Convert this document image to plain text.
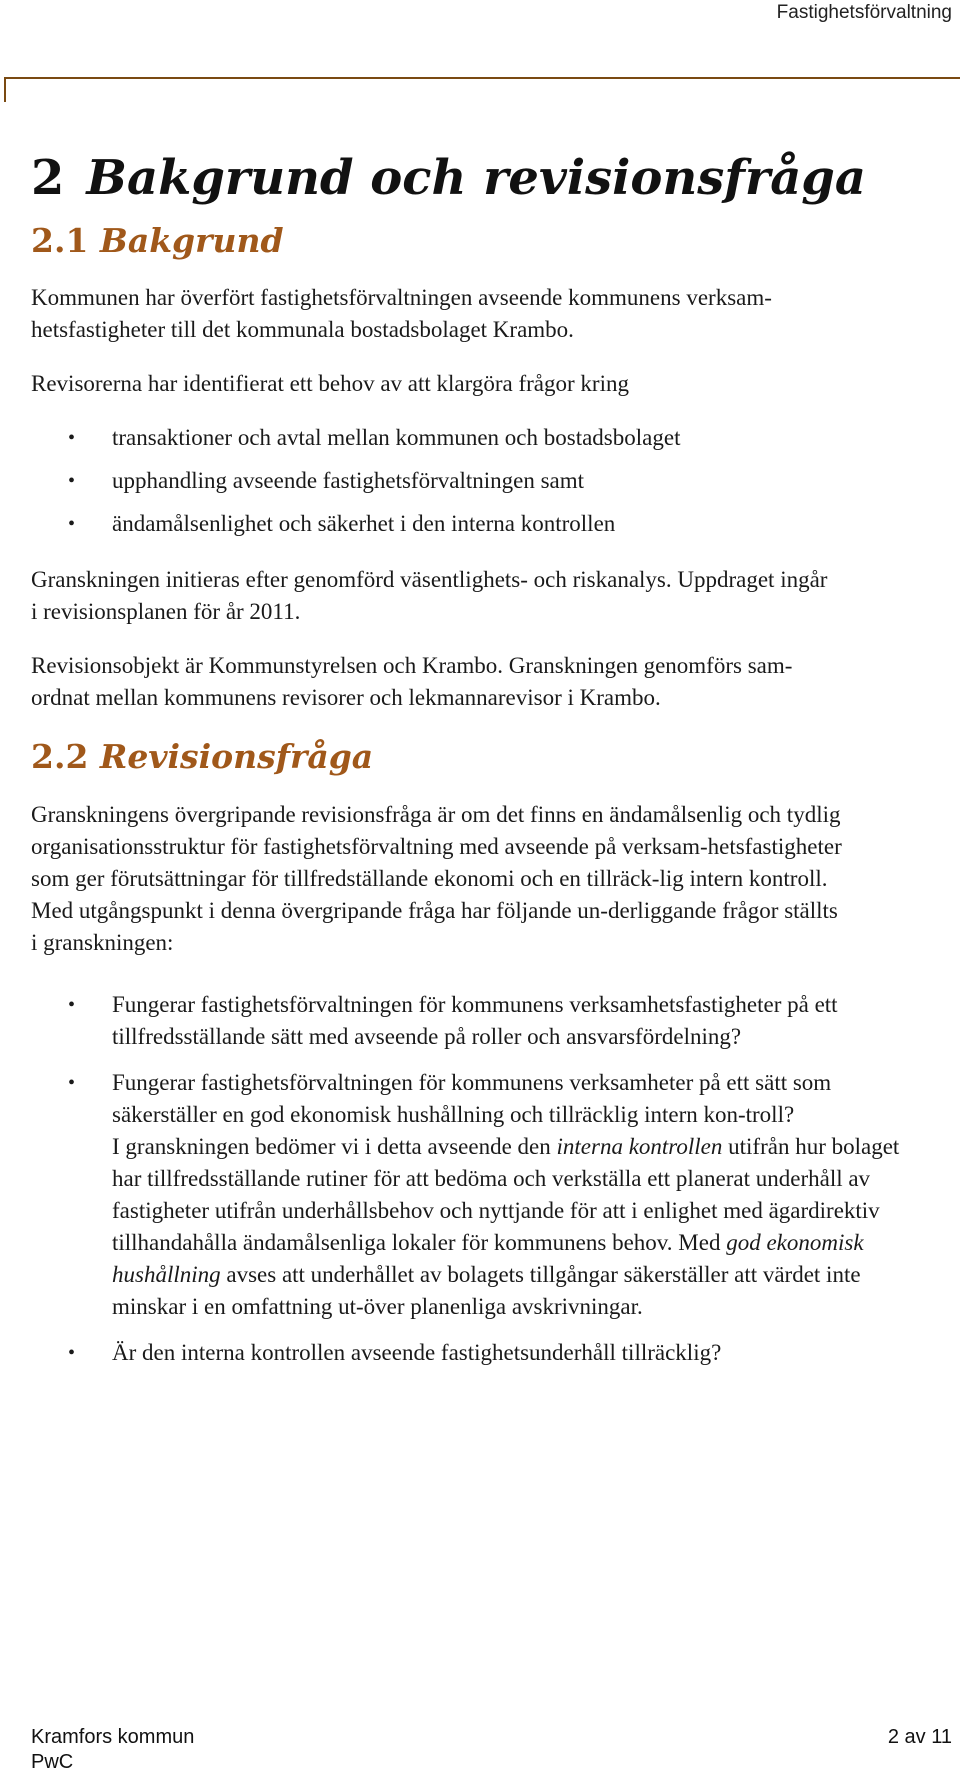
Fastighetsförvaltning
2 Bakgrund och revisionsfråga
2.1 Bakgrund

Kommunen har överfört fastighetsförvaltningen avseende kommunens verksam-hetsfastigheter till det kommunala bostadsbolaget Krambo.

Revisorerna har identifierat ett behov av att klargöra frågor kring

• transaktioner och avtal mellan kommunen och bostadsbolaget
• upphandling avseende fastighetsförvaltningen samt
• ändamålsenlighet och säkerhet i den interna kontrollen

Granskningen initieras efter genomförd väsentlighets- och riskanalys. Uppdraget ingår i revisionsplanen för år 2011.

Revisionsobjekt är Kommunstyrelsen och Krambo. Granskningen genomförs sam-ordnat mellan kommunens revisorer och lekmannarevisor i Krambo.

2.2 Revisionsfråga

Granskningens övergripande revisionsfråga är om det finns en ändamålsenlig och tydlig organisationsstruktur för fastighetsförvaltning med avseende på verksam-hetsfastigheter som ger förutsättningar för tillfredställande ekonomi och en tillräck-lig intern kontroll. Med utgångspunkt i denna övergripande fråga har följande un-derliggande frågor ställts i granskningen:

• Fungerar fastighetsförvaltningen för kommunens verksamhetsfastigheter på ett tillfredsställande sätt med avseende på roller och ansvarsfördelning?
• Fungerar fastighetsförvaltningen för kommunens verksamheter på ett sätt som säkerställer en god ekonomisk hushållning och tillräcklig intern kon-troll?
I granskningen bedömer vi i detta avseende den interna kontrollen utifrån hur bolaget har tillfredsställande rutiner för att bedöma och verkställa ett planerat underhåll av fastigheter utifrån underhållsbehov och nyttjande för att i enlighet med ägardirektiv tillhandahålla ändamålsenliga lokaler för kommunens behov. Med god ekonomisk hushållning avses att underhållet av bolagets tillgångar säkerställer att värdet inte minskar i en omfattning ut-över planenliga avskrivningar.
• Är den interna kontrollen avseende fastighetsunderhåll tillräcklig?
Kramfors kommun	2 av 11
PwC
